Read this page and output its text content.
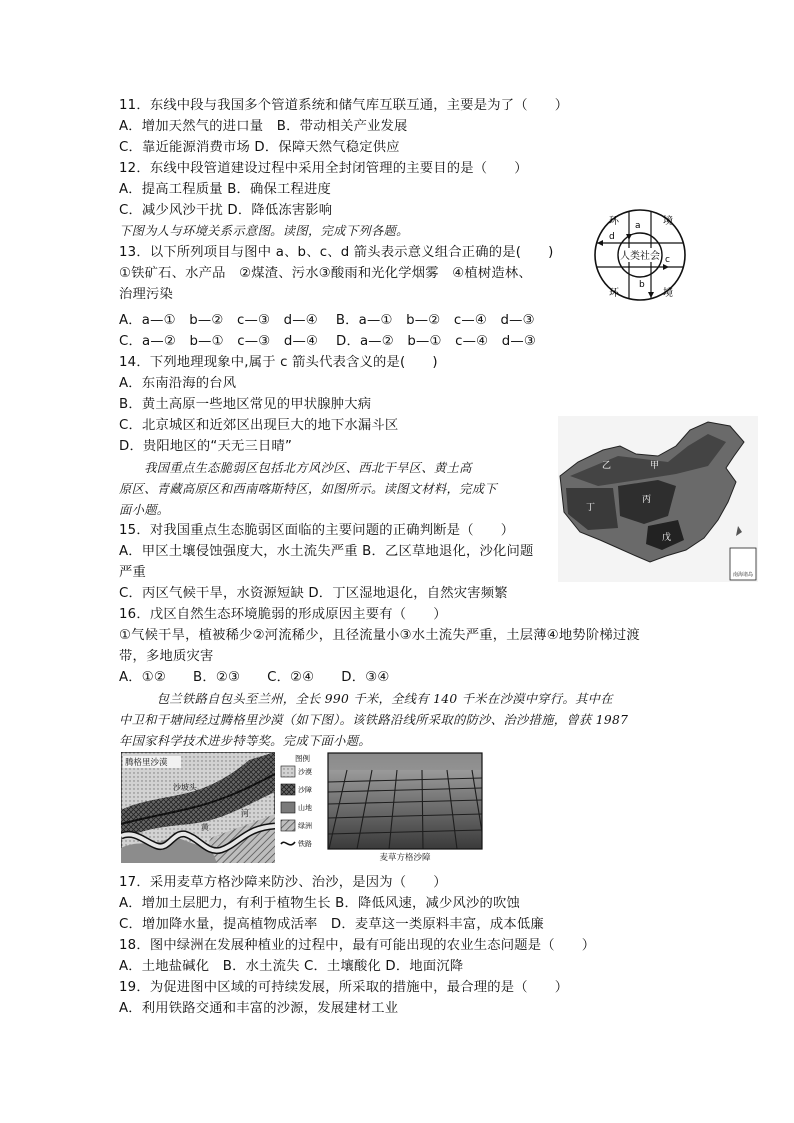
11．东线中段与我国多个管道系统和储气库互联互通，主要是为了（　　）
A．增加天然气的进口量　B．带动相关产业发展
C．靠近能源消费市场 D．保障天然气稳定供应
12．东线中段管道建设过程中采用全封闭管理的主要目的是（　　）
A．提高工程质量 B．确保工程进度
C．减少风沙干扰 D．降低冻害影响
下图为人与环境关系示意图。读图，完成下列各题。
13．以下所列项目与图中 a、b、c、d 箭头表示意义组合正确的是(　　)
①铁矿石、水产品　②煤渣、污水③酸雨和光化学烟雾　④植树造林、
治理污染
A．a—①　b—②　c—③　d—④　 B．a—①　b—②　c—④　d—③
C．a—②　b—①　c—③　d—④　 D．a—②　b—①　c—④　d—③
14．下列地理现象中,属于 c 箭头代表含义的是(　　)
A．东南沿海的台风
B．黄土高原一些地区常见的甲状腺肿大病
C．北京城区和近郊区出现巨大的地下水漏斗区
D．贵阳地区的“天无三日晴”
　　我国重点生态脆弱区包括北方风沙区、西北干旱区、黄土高
原区、青藏高原区和西南喀斯特区，如图所示。读图文材料，完成下
面小题。
15．对我国重点生态脆弱区面临的主要问题的正确判断是（　　）
A．甲区土壤侵蚀强度大，水土流失严重 B．乙区草地退化，沙化问题
严重
C．丙区气候干旱，水资源短缺 D．丁区湿地退化，自然灾害频繁
16．戊区自然生态环境脆弱的形成原因主要有（　　）
①气候干旱，植被稀少②河流稀少，且径流量小③水土流失严重，土层薄④地势阶梯过渡
带，多地质灾害
A．①②　　B．②③　　C．②④　　D．③④
　　　包兰铁路自包头至兰州，全长 990 千米，全线有 140 千米在沙漠中穿行。其中在
中卫和干塘间经过腾格里沙漠（如下图）。该铁路沿线所采取的防沙、治沙措施，曾获 1987
年国家科学技术进步特等奖。完成下面小题。
17．采用麦草方格沙障来防沙、治沙，是因为（　　）
A．增加土层肥力，有利于植物生长 B．降低风速，减少风沙的吹蚀
C．增加降水量，提高植物成活率　D．麦草这一类原料丰富，成本低廉
18．图中绿洲在发展种植业的过程中，最有可能出现的农业生态问题是（　　）
A．土地盐碱化　B．水土流失 C．土壤酸化 D．地面沉降
19．为促进图中区域的可持续发展，所采取的措施中，最合理的是（　　）
A．利用铁路交通和丰富的沙源，发展建材工业
人类社会
环	境
环	境
a
b
c
d
南海诸岛
甲
乙
丙
丁
戊
腾格里沙漠
沙坡头
黄
河
图例
沙漠
沙障
山地
绿洲
铁路
麦草方格沙障
